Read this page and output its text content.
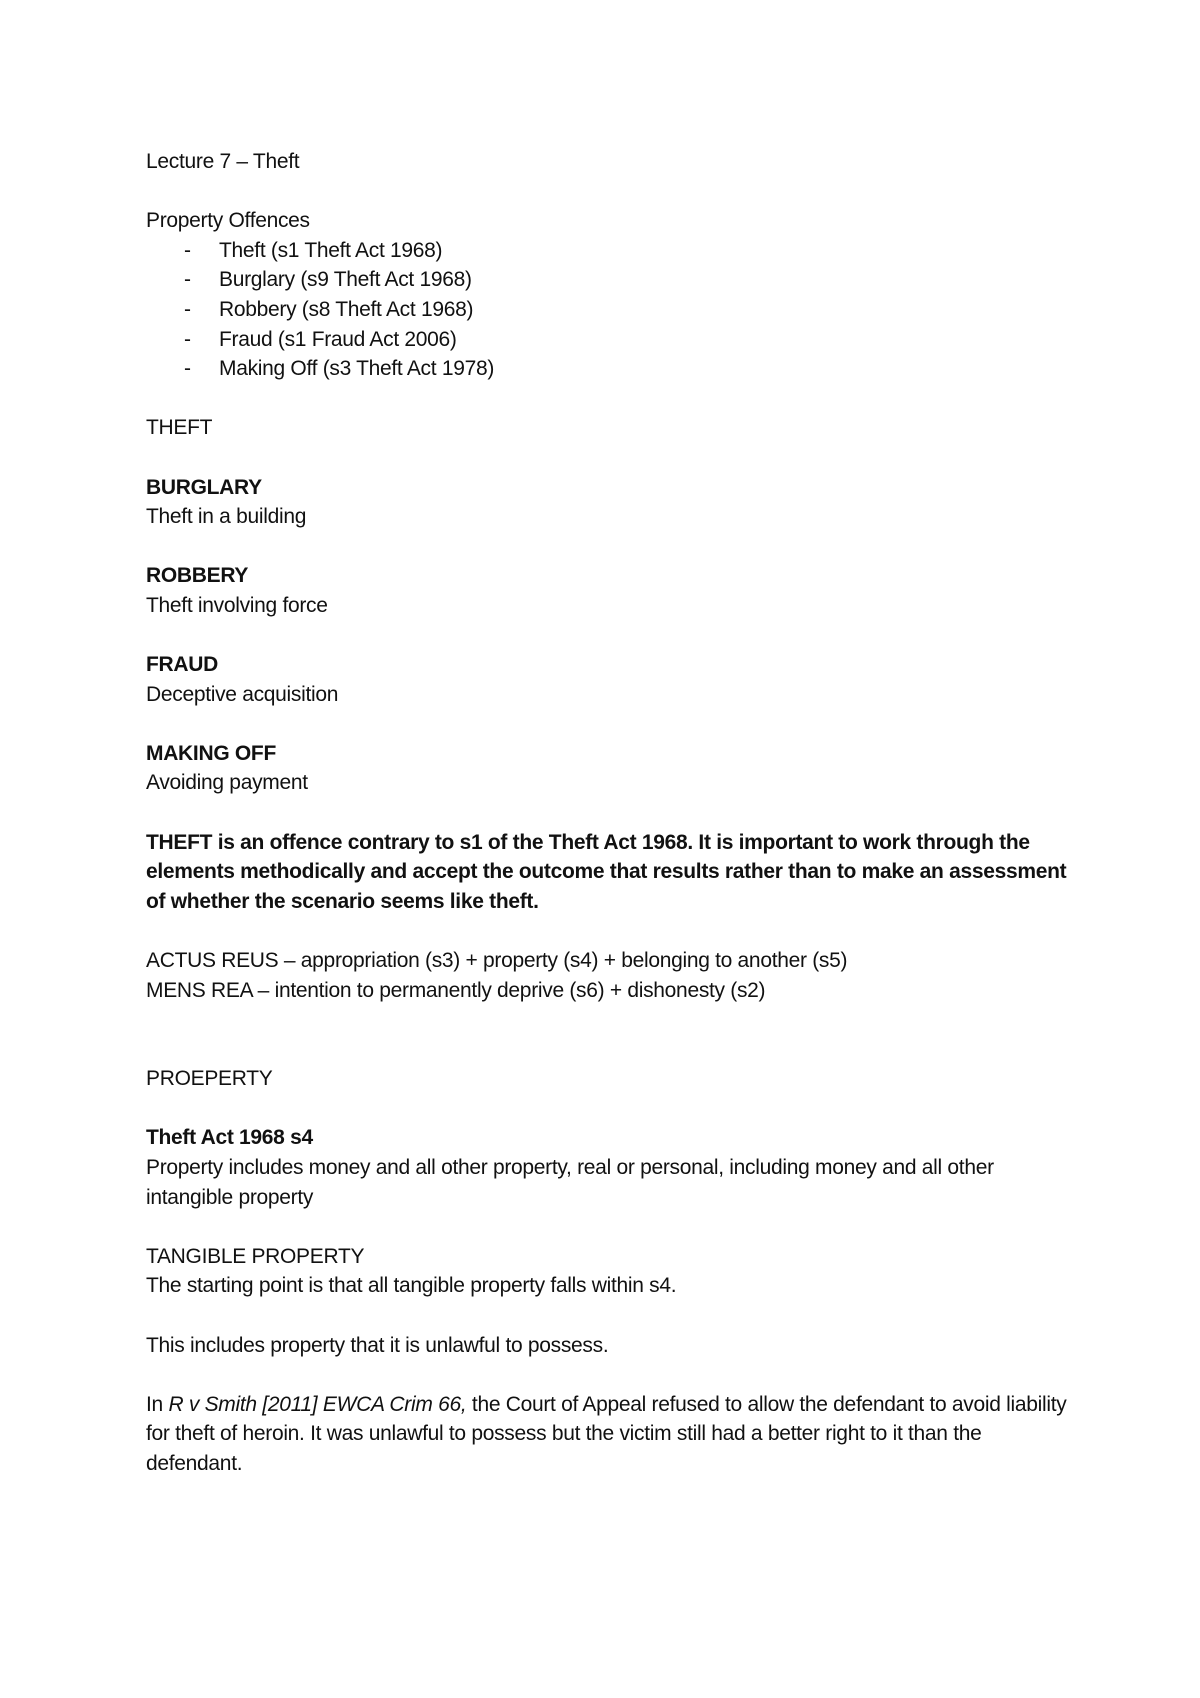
Lecture 7 – Theft
Property Offences
- Theft (s1 Theft Act 1968)
- Burglary (s9 Theft Act 1968)
- Robbery (s8 Theft Act 1968)
- Fraud (s1 Fraud Act 2006)
- Making Off (s3 Theft Act 1978)
THEFT
BURGLARY
Theft in a building
ROBBERY
Theft involving force
FRAUD
Deceptive acquisition
MAKING OFF
Avoiding payment
THEFT is an offence contrary to s1 of the Theft Act 1968. It is important to work through the elements methodically and accept the outcome that results rather than to make an assessment of whether the scenario seems like theft.
ACTUS REUS – appropriation (s3) + property (s4) + belonging to another (s5)
MENS REA – intention to permanently deprive (s6) + dishonesty (s2)
PROEPERTY
Theft Act 1968 s4
Property includes money and all other property, real or personal, including money and all other intangible property
TANGIBLE PROPERTY
The starting point is that all tangible property falls within s4.
This includes property that it is unlawful to possess.
In R v Smith [2011] EWCA Crim 66, the Court of Appeal refused to allow the defendant to avoid liability for theft of heroin. It was unlawful to possess but the victim still had a better right to it than the defendant.
